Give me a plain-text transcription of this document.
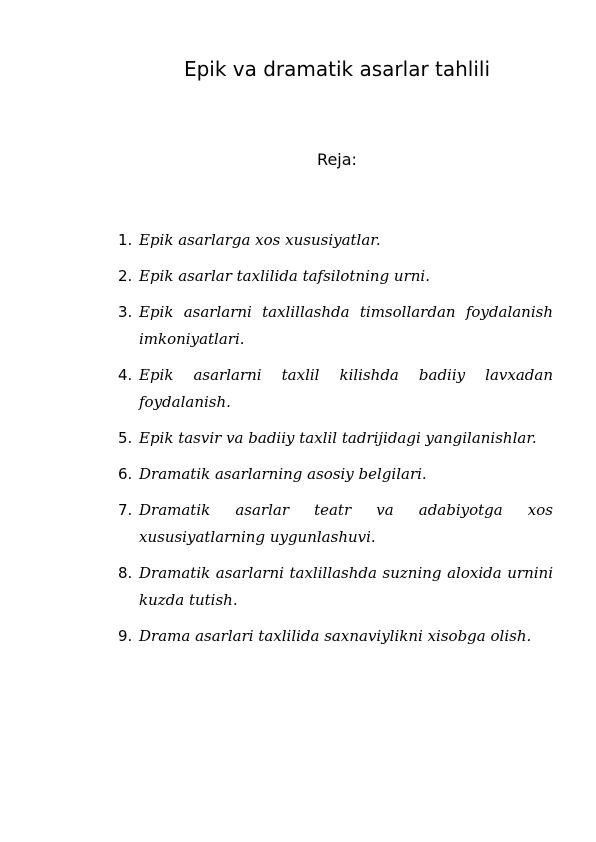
Epik va dramatik asarlar tahlili
Reja:
1. Epik asarlarga xos xususiyatlar.
2. Epik asarlar taxlilida tafsilotning urni.
3. Epik asarlarni taxlillashda timsollardan foydalanish imkoniyatlari.
4. Epik asarlarni taxlil kilishda badiiy lavxadan foydalanish.
5. Epik tasvir va badiiy taxlil tadrijidagi yangilanishlar.
6. Dramatik asarlarning asosiy belgilari.
7. Dramatik asarlar teatr va adabiyotga xos xususiyatlarning uygunlashuvi.
8. Dramatik asarlarni taxlillashda suzning aloxida urnini kuzda tutish.
9. Drama asarlari taxlilida saxnaviylikni xisobga olish.
